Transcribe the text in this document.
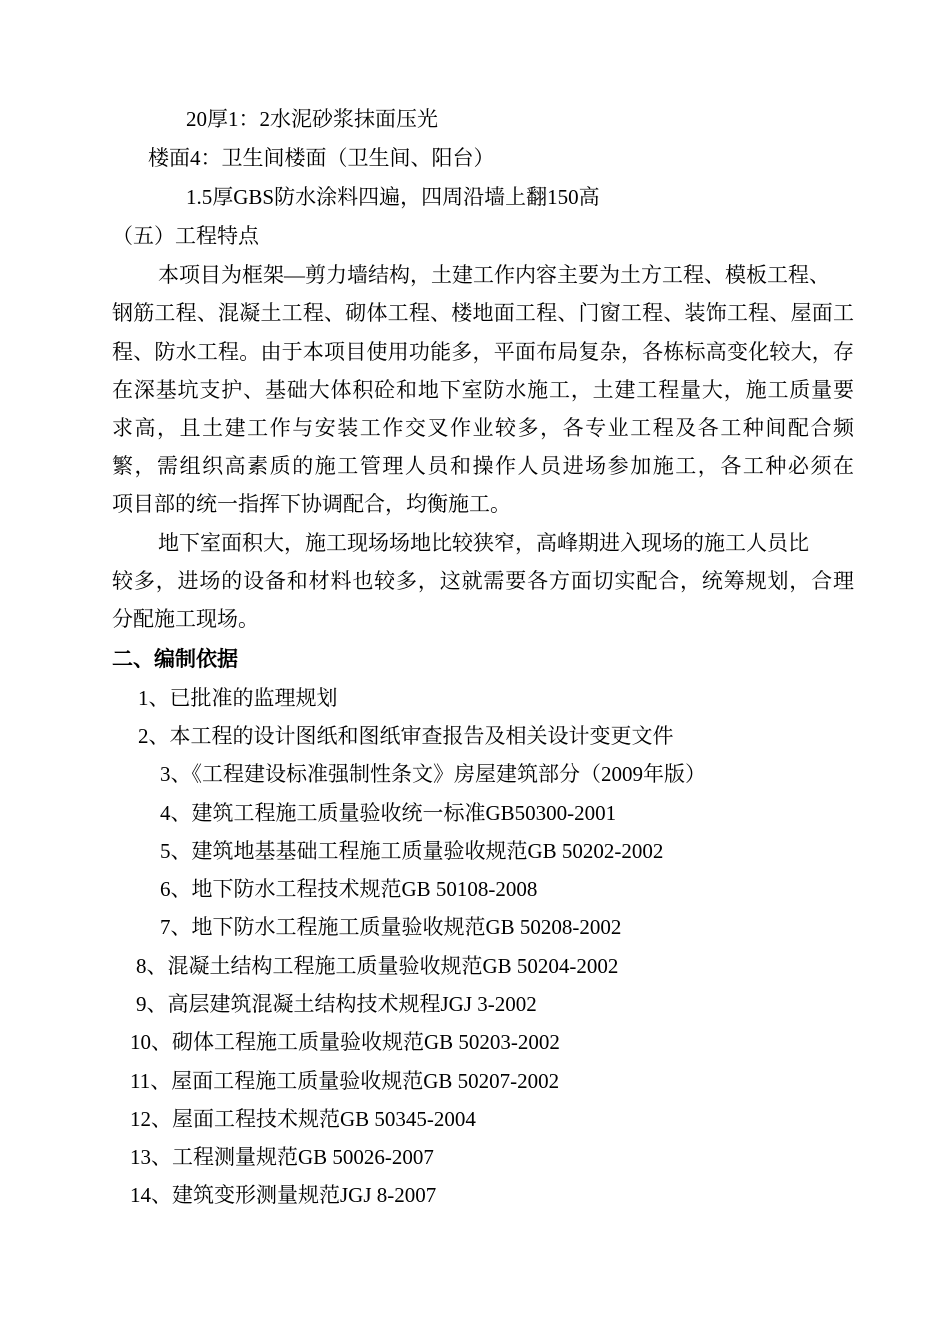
20厚1：2水泥砂浆抹面压光
楼面4：卫生间楼面（卫生间、阳台）
1.5厚GBS防水涂料四遍，四周沿墙上翻150高
（五）工程特点
本项目为框架—剪力墙结构，土建工作内容主要为土方工程、模板工程、
钢筋工程、混凝土工程、砌体工程、楼地面工程、门窗工程、装饰工程、屋面工
程、防水工程。由于本项目使用功能多，平面布局复杂，各栋标高变化较大，存
在深基坑支护、基础大体积砼和地下室防水施工，土建工程量大，施工质量要
求高，且土建工作与安装工作交叉作业较多，各专业工程及各工种间配合频
繁，需组织高素质的施工管理人员和操作人员进场参加施工，各工种必须在
项目部的统一指挥下协调配合，均衡施工。
地下室面积大，施工现场场地比较狭窄，高峰期进入现场的施工人员比
较多，进场的设备和材料也较多，这就需要各方面切实配合，统筹规划，合理
分配施工现场。
二、编制依据
1、已批准的监理规划
2、本工程的设计图纸和图纸审查报告及相关设计变更文件
3、《工程建设标准强制性条文》房屋建筑部分（2009年版）
4、建筑工程施工质量验收统一标准GB50300-2001
5、建筑地基基础工程施工质量验收规范GB 50202-2002
6、地下防水工程技术规范GB 50108-2008
7、地下防水工程施工质量验收规范GB 50208-2002
8、混凝土结构工程施工质量验收规范GB 50204-2002
9、高层建筑混凝土结构技术规程JGJ 3-2002
10、砌体工程施工质量验收规范GB 50203-2002
11、屋面工程施工质量验收规范GB 50207-2002
12、屋面工程技术规范GB 50345-2004
13、工程测量规范GB 50026-2007
14、建筑变形测量规范JGJ 8-2007
